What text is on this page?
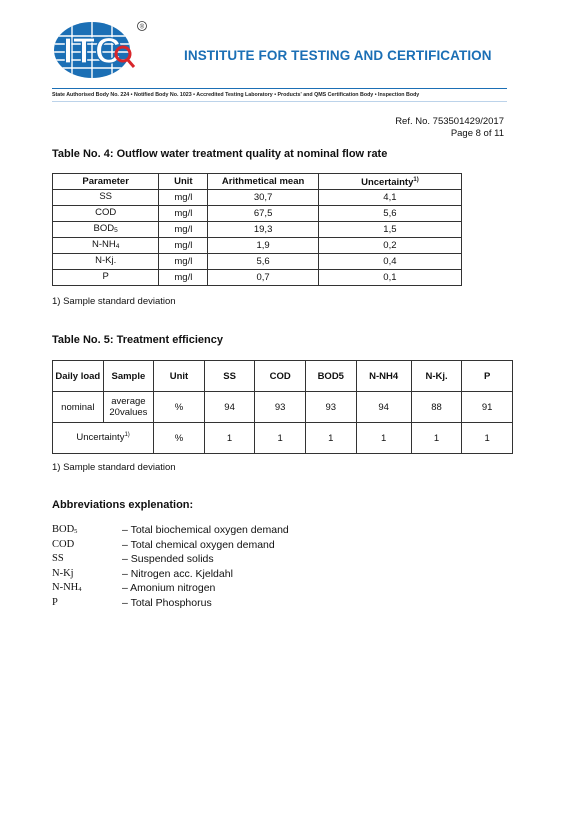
ITC
®
INSTITUTE FOR TESTING AND CERTIFICATION
State Authorised Body No. 224 • Notified Body No. 1023 • Accredited Testing Laboratory • Products' and QMS Certification Body • Inspection Body
Ref. No. 753501429/2017
Page 8 of 11
Table No. 4: Outflow water treatment quality at nominal flow rate
Parameter	Unit	Arithmetical mean	Uncertainty$^{1)}$
SS	mg/l	30,7	4,1
COD	mg/l	67,5	5,6
$BOD_5$	mg/l	19,3	1,5
$N-NH_4$	mg/l	1,9	0,2
N-Kj.	mg/l	5,6	0,4
P	mg/l	0,7	0,1
1) Sample standard deviation
Table No. 5: Treatment efficiency
Daily load	Sample	Unit	SS	COD	BOD5	N-NH4	N-Kj.	P
nominal	average 20values	%	94	93	93	94	88	91
Uncertainty$^{1)}$		%	1	1	1	1	1	1
1) Sample standard deviation
Abbreviations explenation:
$BOD_5$	– Total biochemical oxygen demand
COD	– Total chemical oxygen demand
SS	– Suspended solids
N-Kj	– Nitrogen acc. Kjeldahl
$N-NH_4$	– Amonium nitrogen
P	– Total Phosphorus
